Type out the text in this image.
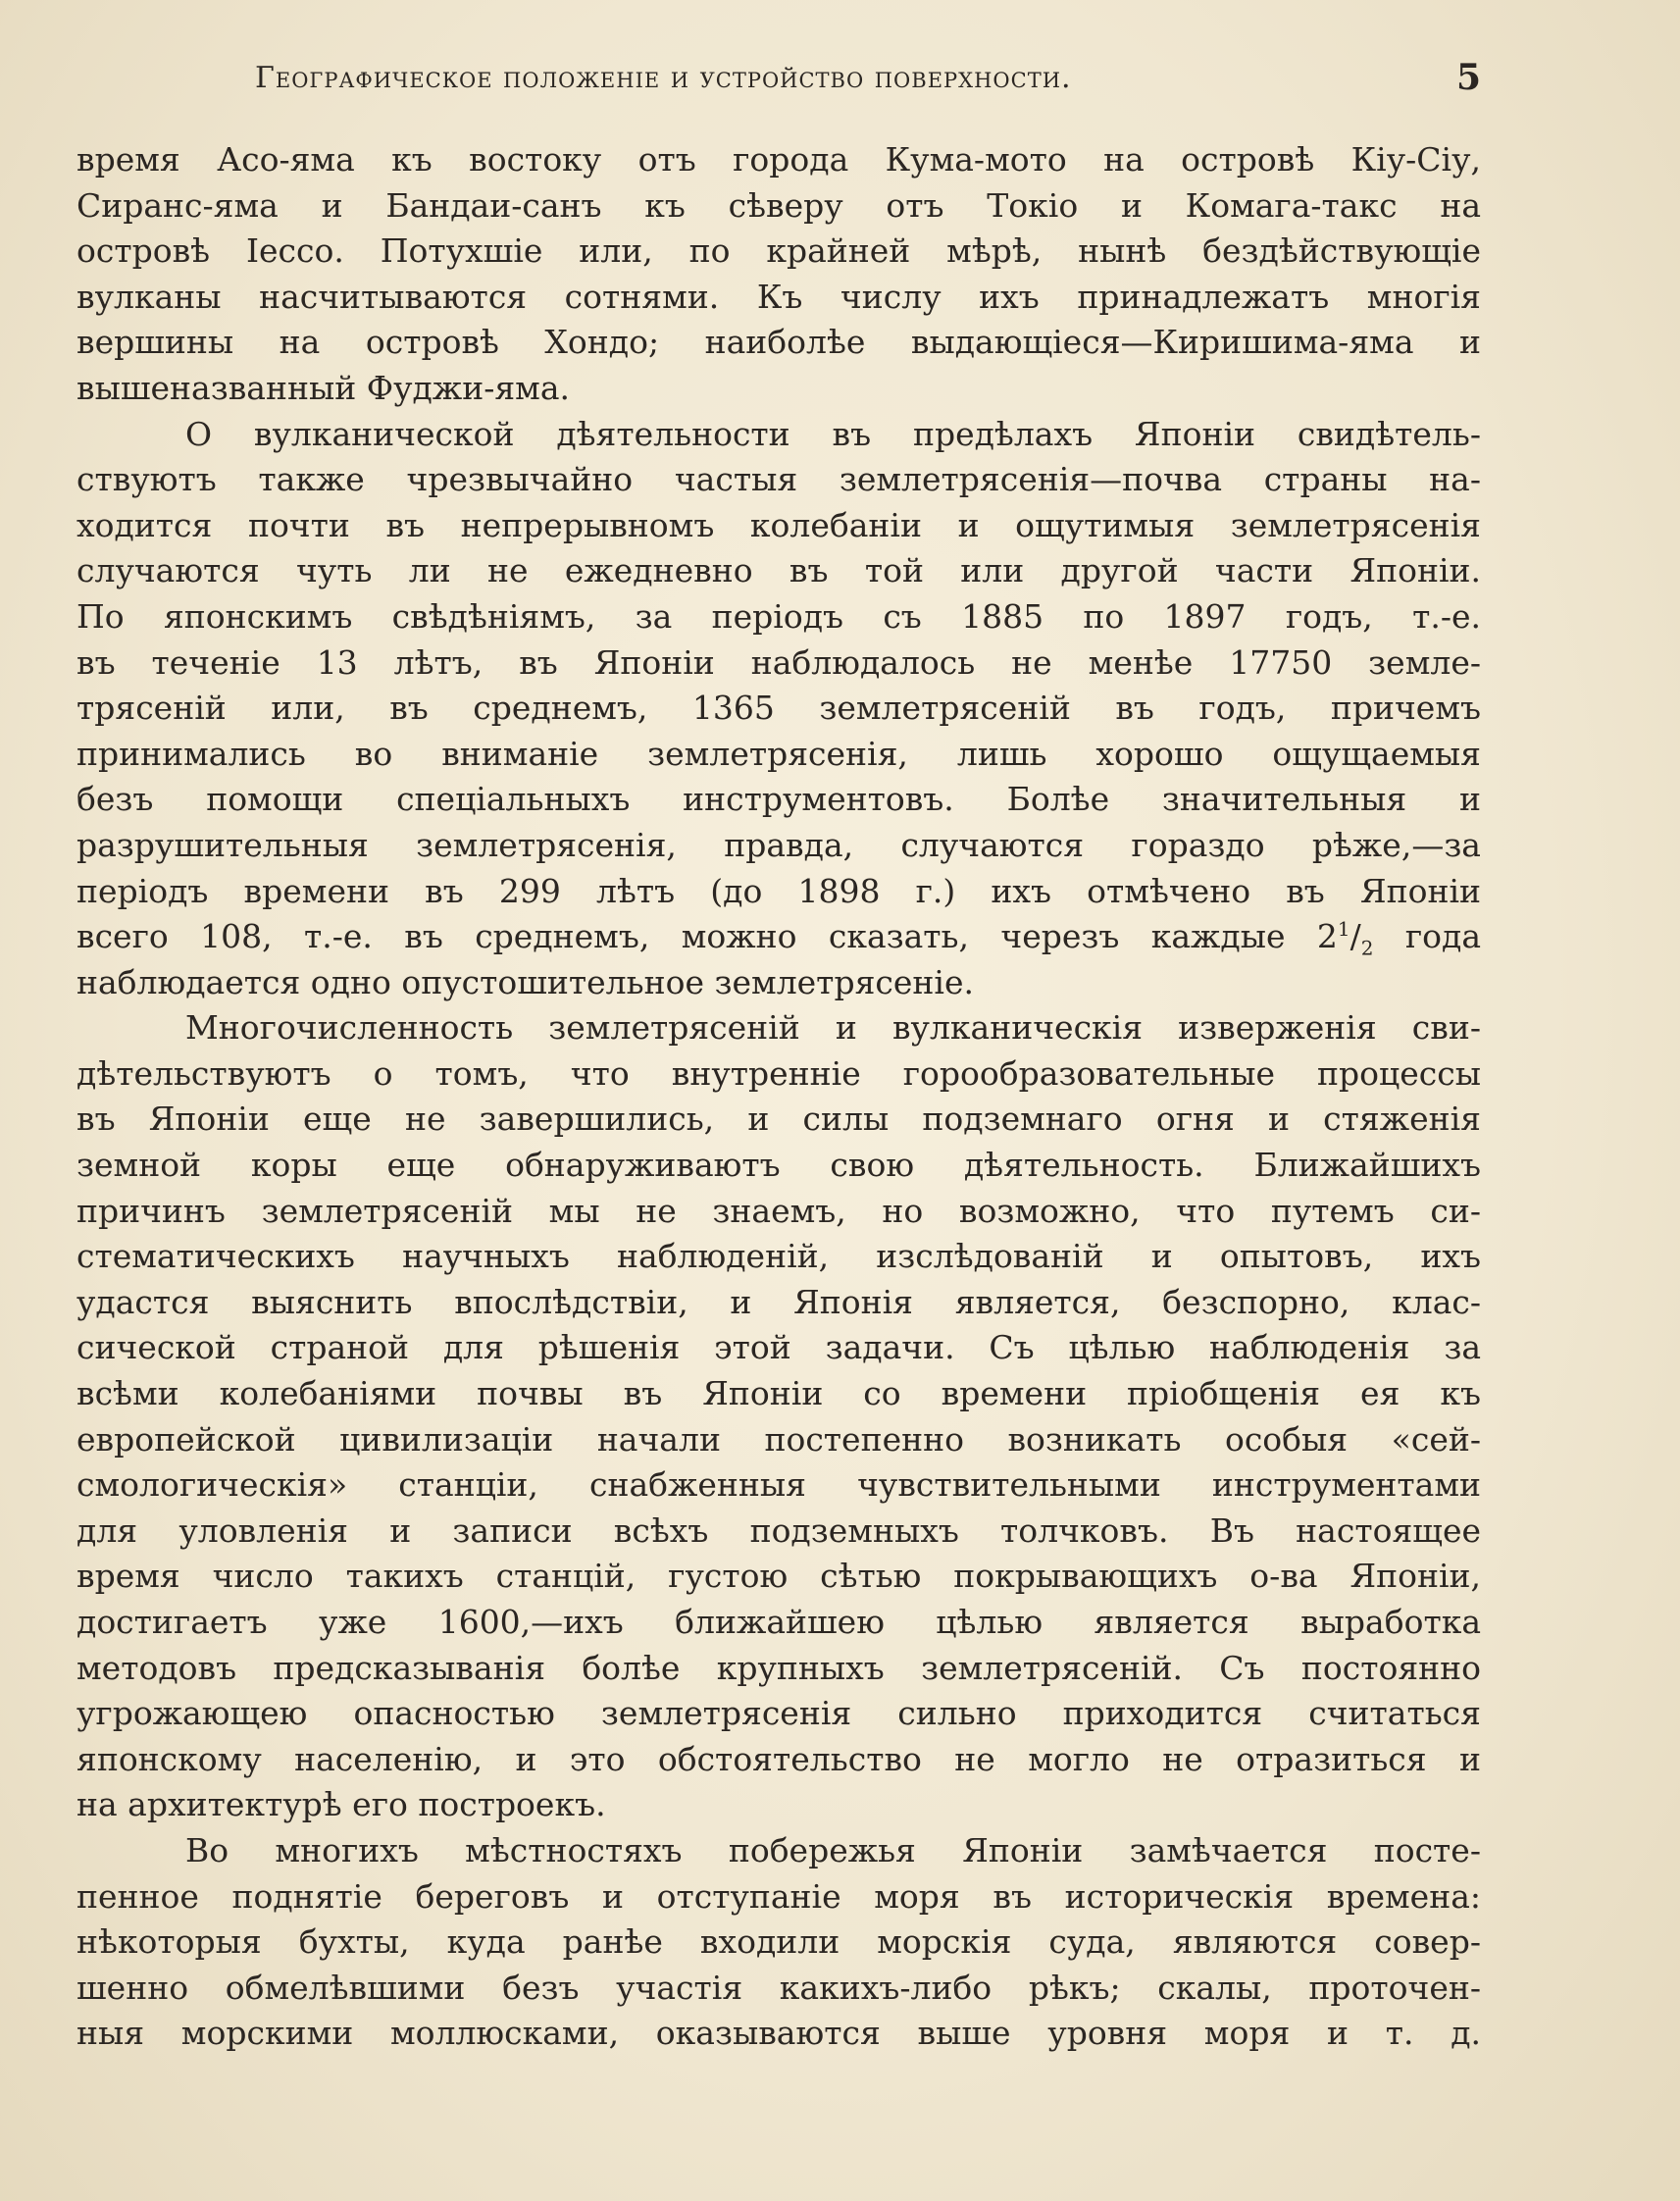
Географическое положенiе и устройство поверхности.	5
время Асо-яма къ востоку отъ города Кума-мото на островѣ Кiу-Сiу,
Сиранс-яма и Бандаи-санъ къ сѣверу отъ Токiо и Комага-такс на
островѣ Iессо. Потухшiе или, по крайней мѣрѣ, нынѣ бездѣйствующiе
вулканы насчитываются сотнями. Къ числу ихъ принадлежатъ многiя
вершины на островѣ Хондо; наиболѣе выдающiеся—Киришима-яма и
вышеназванный Фуджи-яма.
О вулканической дѣятельности въ предѣлахъ Японiи свидѣтель-
ствуютъ также чрезвычайно частыя землетрясенiя—почва страны на-
ходится почти въ непрерывномъ колебанiи и ощутимыя землетрясенiя
случаются чуть ли не ежедневно въ той или другой части Японiи.
По японскимъ свѣдѣнiямъ, за перiодъ съ 1885 по 1897 годъ, т.-е.
въ теченiе 13 лѣтъ, въ Японiи наблюдалось не менѣе 17750 земле-
трясенiй или, въ среднемъ, 1365 землетрясенiй въ годъ, причемъ
принимались во вниманiе землетрясенiя, лишь хорошо ощущаемыя
безъ помощи спецiальныхъ инструментовъ. Болѣе значительныя и
разрушительныя землетрясенiя, правда, случаются гораздо рѣже,—за
перiодъ времени въ 299 лѣтъ (до 1898 г.) ихъ отмѣчено въ Японiи
всего 108, т.-е. въ среднемъ, можно сказать, черезъ каждые $2^1/_2$ года
наблюдается одно опустошительное землетрясенiе.
Многочисленность землетрясенiй и вулканическiя изверженiя сви-
дѣтельствуютъ о томъ, что внутреннiе горообразовательные процессы
въ Японiи еще не завершились, и силы подземнаго огня и стяженiя
земной коры еще обнаруживаютъ свою дѣятельность. Ближайшихъ
причинъ землетрясенiй мы не знаемъ, но возможно, что путемъ си-
стематическихъ научныхъ наблюденiй, изслѣдованiй и опытовъ, ихъ
удастся выяснить впослѣдствiи, и Японiя является, безспорно, клас-
сической страной для рѣшенiя этой задачи. Съ цѣлью наблюденiя за
всѣми колебанiями почвы въ Японiи со времени прiобщенiя ея къ
европейской цивилизацiи начали постепенно возникать особыя «сей-
смологическiя» станцiи, снабженныя чувствительными инструментами
для уловленiя и записи всѣхъ подземныхъ толчковъ. Въ настоящее
время число такихъ станцiй, густою сѣтью покрывающихъ о-ва Японiи,
достигаетъ уже 1600,—ихъ ближайшею цѣлью является выработка
методовъ предсказыванiя болѣе крупныхъ землетрясенiй. Съ постоянно
угрожающею опасностью землетрясенiя сильно приходится считаться
японскому населенiю, и это обстоятельство не могло не отразиться и
на архитектурѣ его построекъ.
Во многихъ мѣстностяхъ побережья Японiи замѣчается посте-
пенное поднятiе береговъ и отступанiе моря въ историческiя времена:
нѣкоторыя бухты, куда ранѣе входили морскiя суда, являются совер-
шенно обмелѣвшими безъ участiя какихъ-либо рѣкъ; скалы, проточен-
ныя морскими моллюсками, оказываются выше уровня моря и т. д.
